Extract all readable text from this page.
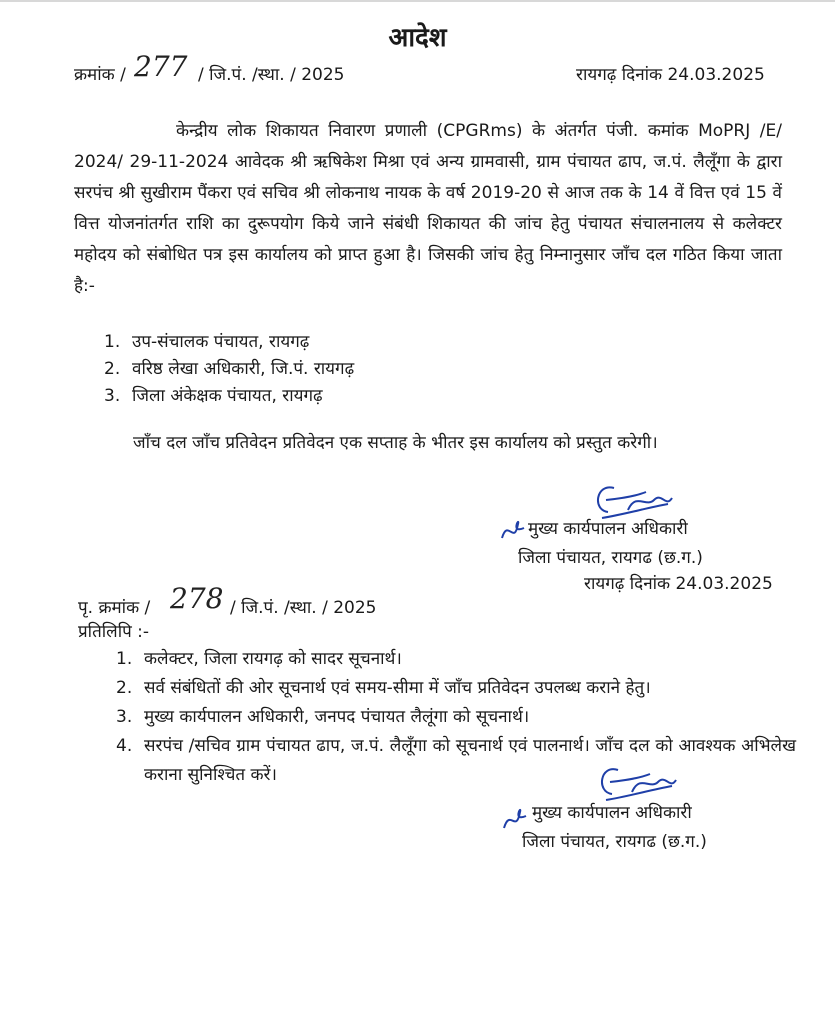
आदेश
क्रमांक / 277 / जि.पं. /स्था. / 2025	रायगढ़ दिनांक 24.03.2025
केन्द्रीय लोक शिकायत निवारण प्रणाली (CPGRms) के अंतर्गत पंजी. कमांक MoPRJ /E/ 2024/ 29-11-2024 आवेदक श्री ऋषिकेश मिश्रा एवं अन्य ग्रामवासी, ग्राम पंचायत ढाप, ज.पं. लैलूँगा के द्वारा सरपंच श्री सुखीराम पैंकरा एवं सचिव श्री लोकनाथ नायक के वर्ष 2019-20 से आज तक के 14 वें वित्त एवं 15 वें वित्त योजनांतर्गत राशि का दुरूपयोग किये जाने संबंधी शिकायत की जांच हेतु पंचायत संचालनालय से कलेक्टर महोदय को संबोधित पत्र इस कार्यालय को प्राप्त हुआ है। जिसकी जांच हेतु निम्नानुसार जाँच दल गठित किया जाता है:-
1. उप-संचालक पंचायत, रायगढ़
2. वरिष्ठ लेखा अधिकारी, जि.पं. रायगढ़
3. जिला अंकेक्षक पंचायत, रायगढ़
जाँच दल जाँच प्रतिवेदन प्रतिवेदन एक सप्ताह के भीतर इस कार्यालय को प्रस्तुत करेगी।
मुख्य कार्यपालन अधिकारी
जिला पंचायत, रायगढ (छ.ग.)
रायगढ़ दिनांक 24.03.2025
पृ. क्रमांक / 278 / जि.पं. /स्था. / 2025
प्रतिलिपि :-
1. कलेक्टर, जिला रायगढ़ को सादर सूचनार्थ।
2. सर्व संबंधितों की ओर सूचनार्थ एवं समय-सीमा में जाँच प्रतिवेदन उपलब्ध कराने हेतु।
3. मुख्य कार्यपालन अधिकारी, जनपद पंचायत लैलूंगा को सूचनार्थ।
4. सरपंच /सचिव ग्राम पंचायत ढाप, ज.पं. लैलूँगा को सूचनार्थ एवं पालनार्थ। जाँच दल को आवश्यक अभिलेख कराना सुनिश्चित करें।
मुख्य कार्यपालन अधिकारी
जिला पंचायत, रायगढ (छ.ग.)
